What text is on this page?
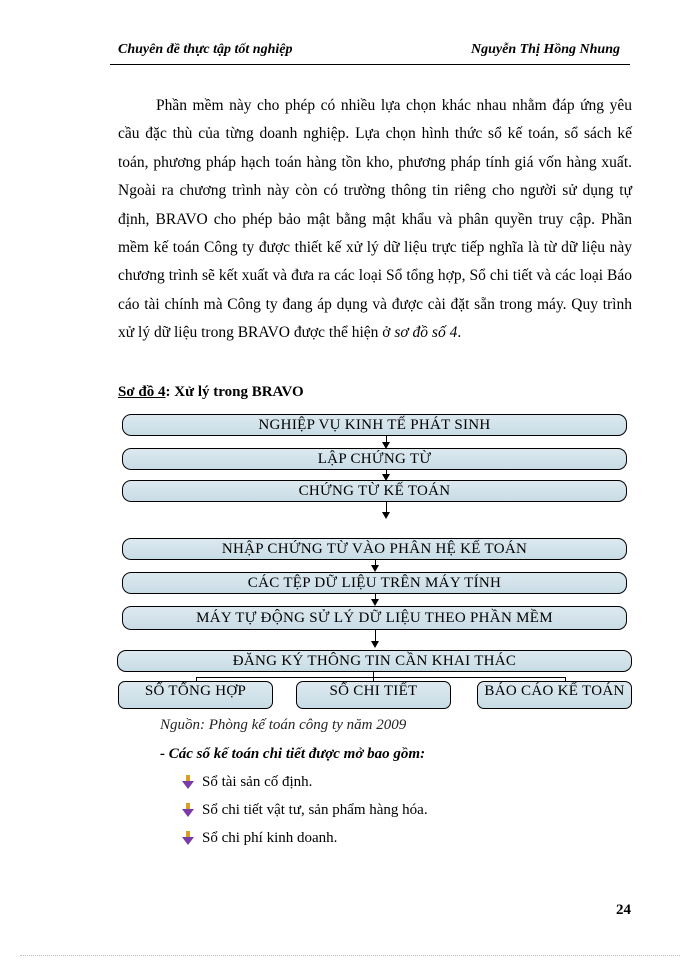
Chuyên đề thực tập tốt nghiệp	Nguyễn Thị Hồng Nhung

Phần mềm này cho phép có nhiều lựa chọn khác nhau nhằm đáp ứng yêu cầu đặc thù của từng doanh nghiệp. Lựa chọn hình thức sổ kế toán, sổ sách kế toán, phương pháp hạch toán hàng tồn kho, phương pháp tính giá vốn hàng xuất. Ngoài ra chương trình này còn có trường thông tin riêng cho người sử dụng tự định, BRAVO cho phép bảo mật bằng mật khẩu và phân quyền truy cập. Phần mềm kế toán Công ty được thiết kế xử lý dữ liệu trực tiếp nghĩa là từ dữ liệu này chương trình sẽ kết xuất và đưa ra các loại Sổ tổng hợp, Sổ chi tiết và các loại Báo cáo tài chính mà Công ty đang áp dụng và được cài đặt sẵn trong máy. Quy trình xử lý dữ liệu trong BRAVO được thể hiện ở sơ đồ số 4.

Sơ đồ 4: Xử lý trong BRAVO
NGHIỆP VỤ KINH TẾ PHÁT SINH
LẬP CHỨNG TỪ
CHỨNG TỪ KẾ TOÁN
NHẬP CHỨNG TỪ VÀO PHÂN HỆ KẾ TOÁN
CÁC TỆP DỮ LIỆU TRÊN MÁY TÍNH
MÁY TỰ ĐỘNG SỬ LÝ DỮ LIỆU THEO PHẦN MỀM
ĐĂNG KÝ THÔNG TIN CẦN KHAI THÁC
SỔ TỔNG HỢP	SỔ CHI TIẾT	BÁO CÁO KẾ TOÁN
Nguồn: Phòng kế toán công ty năm 2009
- Các sổ kế toán chi tiết được mở bao gồm:
Sổ tài sản cố định.
Sổ chi tiết vật tư, sản phẩm hàng hóa.
Sổ chi phí kinh doanh.
24
